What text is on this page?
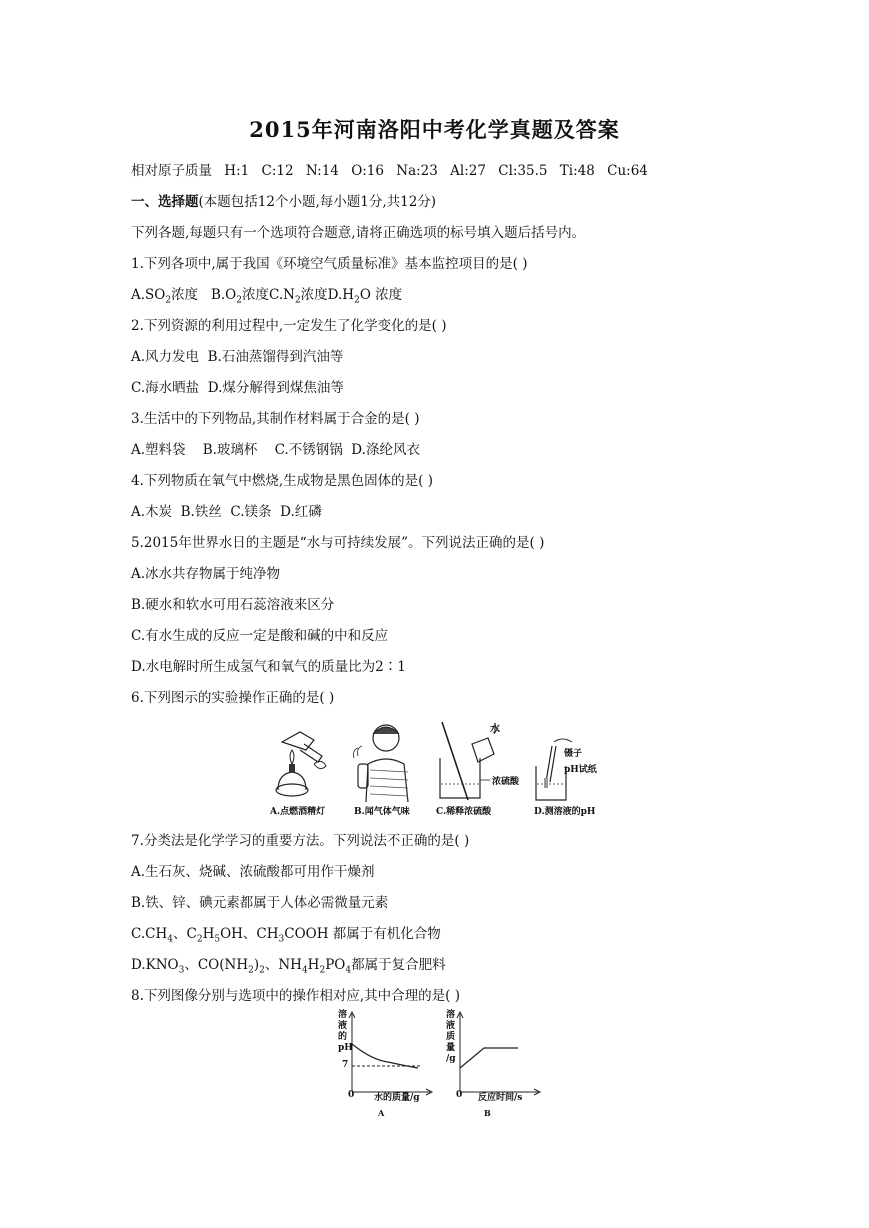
2015年河南洛阳中考化学真题及答案
相对原子质量 H:1 C:12 N:14 O:16 Na:23 Al:27 Cl:35.5 Ti:48 Cu:64
一、选择题(本题包括12个小题,每小题1分,共12分)
下列各题,每题只有一个选项符合题意,请将正确选项的标号填入题后括号内。
1.下列各项中,属于我国《环境空气质量标准》基本监控项目的是( )
$A.SO_2$浓度   $B.O_2$浓度$C.N_2$浓度$D.H_2O$ 浓度
2.下列资源的利用过程中,一定发生了化学变化的是( )
A.风力发电  B.石油蒸馏得到汽油等
C.海水晒盐  D.煤分解得到煤焦油等
3.生活中的下列物品,其制作材料属于合金的是( )
A.塑料袋    B.玻璃杯    C.不锈钢锅  D.涤纶风衣
4.下列物质在氧气中燃烧,生成物是黑色固体的是( )
A.木炭  B.铁丝  C.镁条  D.红磷
5.2015年世界水日的主题是“水与可持续发展”。下列说法正确的是( )
A.冰水共存物属于纯净物
B.硬水和软水可用石蕊溶液来区分
C.有水生成的反应一定是酸和碱的中和反应
D.水电解时所生成氢气和氧气的质量比为2∶1
6.下列图示的实验操作正确的是( )
A.点燃酒精灯	B.闻气体气味
水
浓硫酸
C.稀释浓硫酸
镊子
pH试纸
D.测溶液的pH
7.分类法是化学学习的重要方法。下列说法不正确的是( )
A.生石灰、烧碱、浓硫酸都可用作干燥剂
B.铁、锌、碘元素都属于人体必需微量元素
$C.CH_4$、$C_2H_5OH$、$CH_3COOH$ 都属于有机化合物
$D.KNO_3$、$CO(NH_2)_2$、$NH_4H_2PO_4$都属于复合肥料
8.下列图像分别与选项中的操作相对应,其中合理的是( )
溶
液
的
pH
7
0 水的质量/g
A
溶
液
质
量
/g
0 反应时间/s
B
